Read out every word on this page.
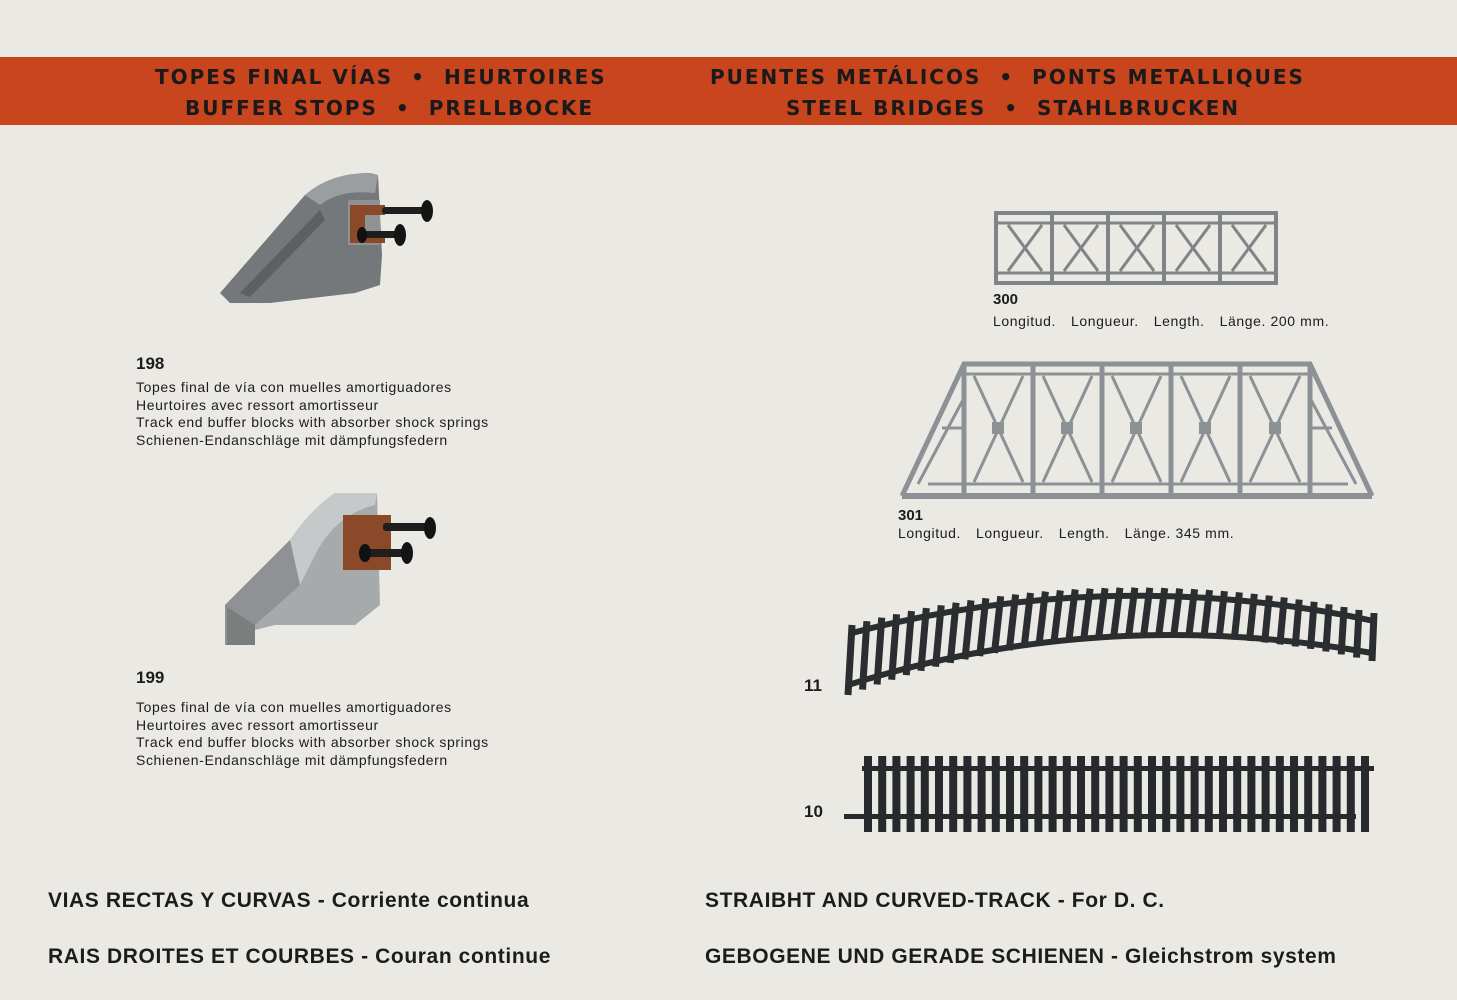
TOPES FINAL VÍAS • HEURTOIRES
BUFFER STOPS • PRELLBOCKE
PUENTES METÁLICOS • PONTS METALLIQUES
STEEL BRIDGES • STAHLBRUCKEN
198
Topes final de vía con muelles amortiguadores
Heurtoires avec ressort amortisseur
Track end buffer blocks with absorber shock springs
Schienen-Endanschläge mit dämpfungsfedern
199
Topes final de vía con muelles amortiguadores
Heurtoires avec ressort amortisseur
Track end buffer blocks with absorber shock springs
Schienen-Endanschläge mit dämpfungsfedern
300
Longitud. Longueur. Length. Länge. 200 mm.
301
Longitud. Longueur. Length. Länge. 345 mm.
11
10
VIAS RECTAS Y CURVAS - Corriente continua
RAIS DROITES ET COURBES - Couran continue
STRAIBHT AND CURVED-TRACK - For D. C.
GEBOGENE UND GERADE SCHIENEN - Gleichstrom system
